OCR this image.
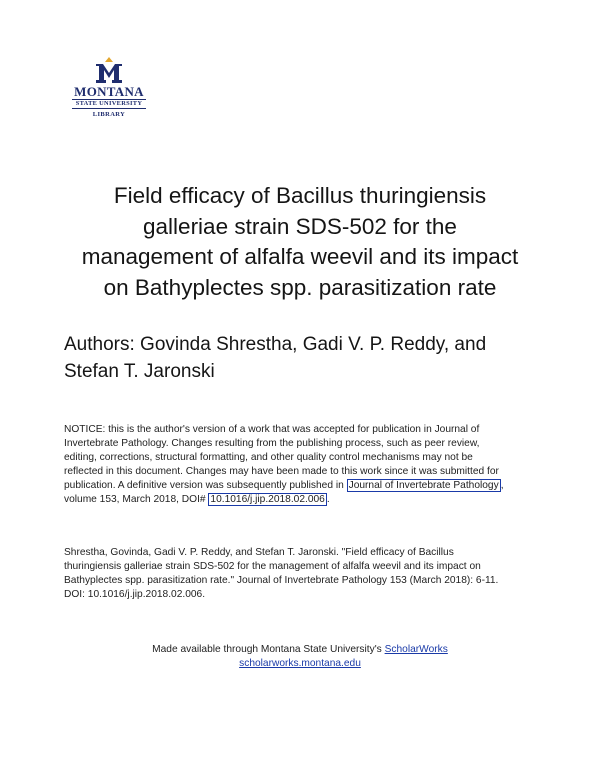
MONTANA
STATE UNIVERSITY
LIBRARY
Field efficacy of Bacillus thuringiensis
galleriae strain SDS-502 for the
management of alfalfa weevil and its impact
on Bathyplectes spp. parasitization rate

Authors: Govinda Shrestha, Gadi V. P. Reddy, and
Stefan T. Jaronski

NOTICE: this is the author's version of a work that was accepted for publication in Journal of
Invertebrate Pathology. Changes resulting from the publishing process, such as peer review,
editing, corrections, structural formatting, and other quality control mechanisms may not be
reflected in this document. Changes may have been made to this work since it was submitted for
publication. A definitive version was subsequently published in Journal of Invertebrate Pathology ,
volume 153, March 2018, DOI# 10.1016/j.jip.2018.02.006 .

Shrestha, Govinda, Gadi V. P. Reddy, and Stefan T. Jaronski. "Field efficacy of Bacillus
thuringiensis galleriae strain SDS-502 for the management of alfalfa weevil and its impact on
Bathyplectes spp. parasitization rate." Journal of Invertebrate Pathology 153 (March 2018): 6-11.
DOI: 10.1016/j.jip.2018.02.006.

Made available through Montana State University's ScholarWorks
scholarworks.montana.edu
